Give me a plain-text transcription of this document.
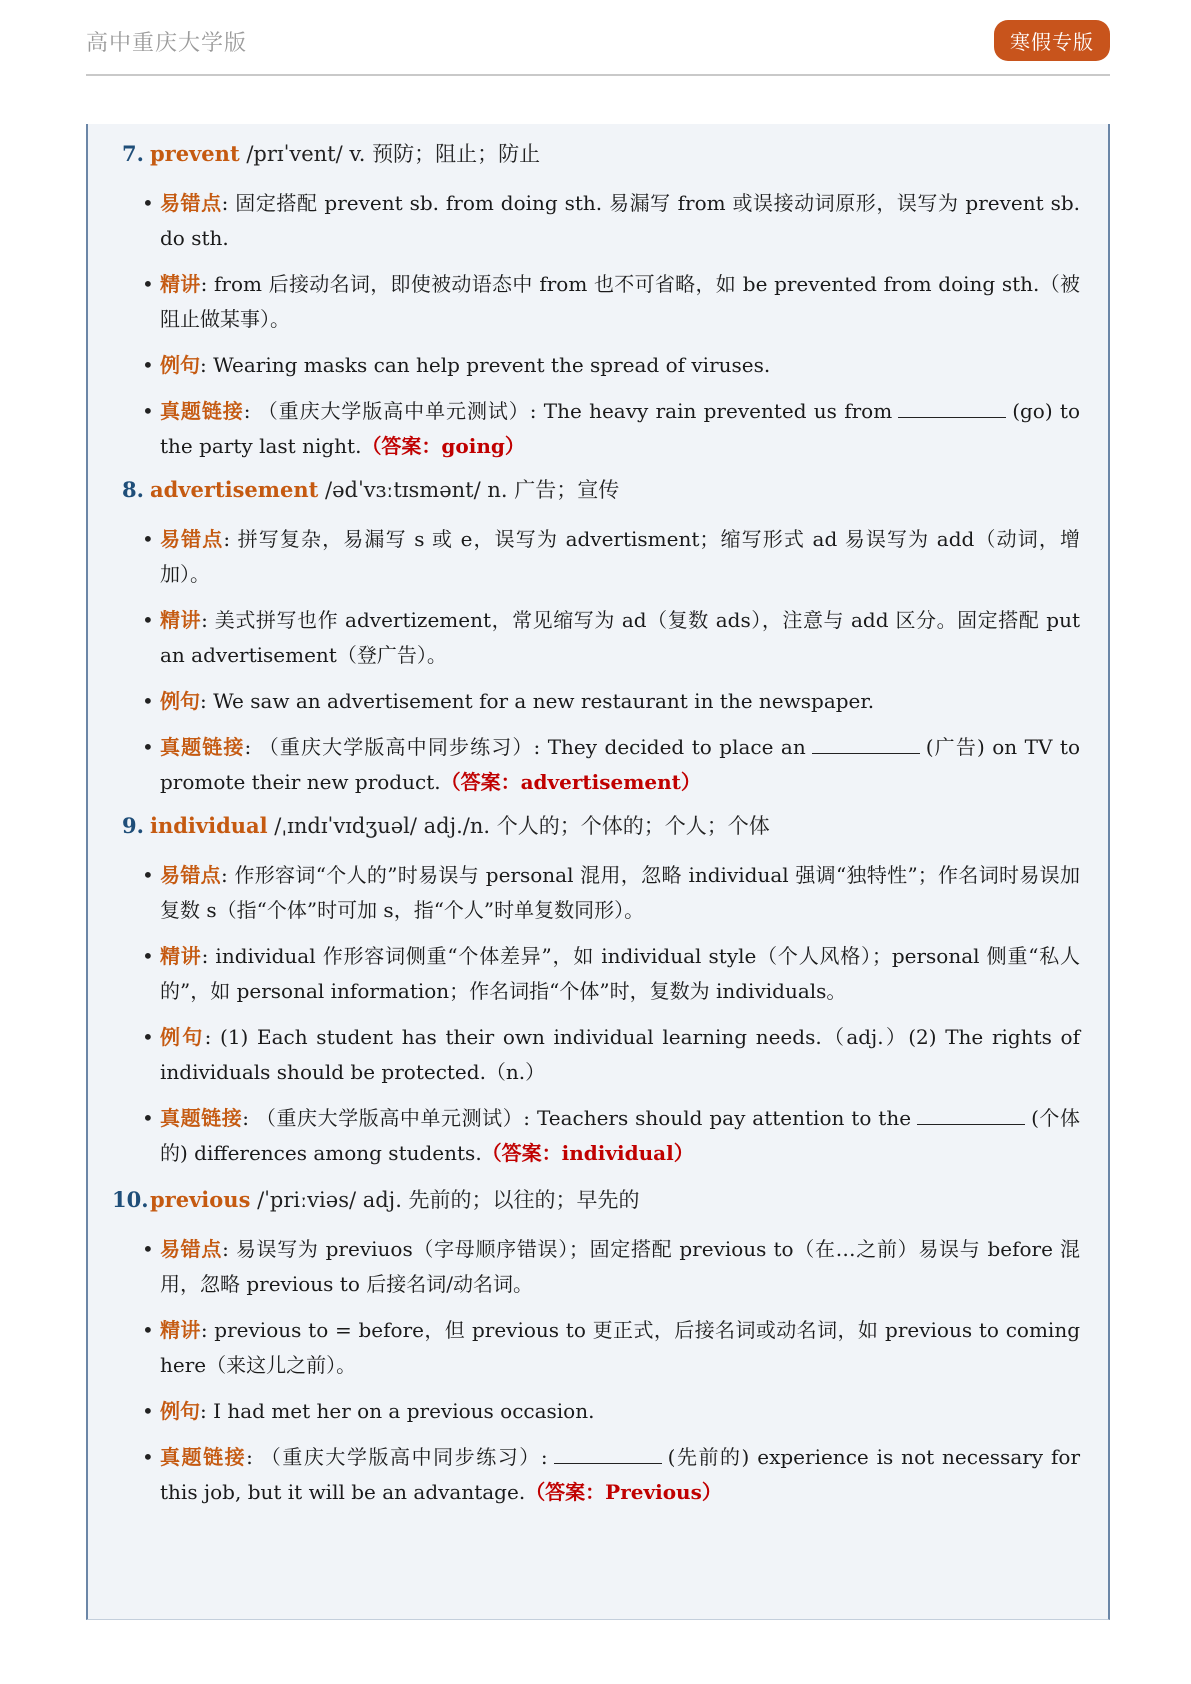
高中重庆大学版	寒假专版
7. prevent /prɪˈvent/ v. 预防；阻止；防止
• 易错点: 固定搭配 prevent sb. from doing sth. 易漏写 from 或误接动词原形，误写为 prevent sb. do sth.
• 精讲: from 后接动名词，即使被动语态中 from 也不可省略，如 be prevented from doing sth.（被阻止做某事）。
• 例句: Wearing masks can help prevent the spread of viruses.
• 真题链接: （重庆大学版高中单元测试）: The heavy rain prevented us from	(go) to the party last night.（答案：going）
8. advertisement /ədˈvɜːtɪsmənt/ n. 广告；宣传
• 易错点: 拼写复杂，易漏写 s 或 e，误写为 advertisment；缩写形式 ad 易误写为 add（动词，增加）。
• 精讲: 美式拼写也作 advertizement，常见缩写为 ad（复数 ads），注意与 add 区分。固定搭配 put an advertisement（登广告）。
• 例句: We saw an advertisement for a new restaurant in the newspaper.
• 真题链接: （重庆大学版高中同步练习）: They decided to place an	(广告) on TV to promote their new product.（答案：advertisement）
9. individual /ˌɪndɪˈvɪdʒuəl/ adj./n. 个人的；个体的；个人；个体
• 易错点: 作形容词“个人的”时易误与 personal 混用，忽略 individual 强调“独特性”；作名词时易误加复数 s（指“个体”时可加 s，指“个人”时单复数同形）。
• 精讲: individual 作形容词侧重“个体差异”，如 individual style（个人风格）；personal 侧重“私人的”，如 personal information；作名词指“个体”时，复数为 individuals。
• 例句: (1) Each student has their own individual learning needs.（adj.）(2) The rights of individuals should be protected.（n.）
• 真题链接: （重庆大学版高中单元测试）: Teachers should pay attention to the	(个体的) differences among students.（答案：individual）
10.previous /ˈpriːviəs/ adj. 先前的；以往的；早先的
• 易错点: 易误写为 previuos（字母顺序错误）；固定搭配 previous to（在…之前）易误与 before 混用，忽略 previous to 后接名词/动名词。
• 精讲: previous to = before，但 previous to 更正式，后接名词或动名词，如 previous to coming here（来这儿之前）。
• 例句: I had met her on a previous occasion.
• 真题链接: （重庆大学版高中同步练习）:	(先前的) experience is not necessary for this job, but it will be an advantage.（答案：Previous）
